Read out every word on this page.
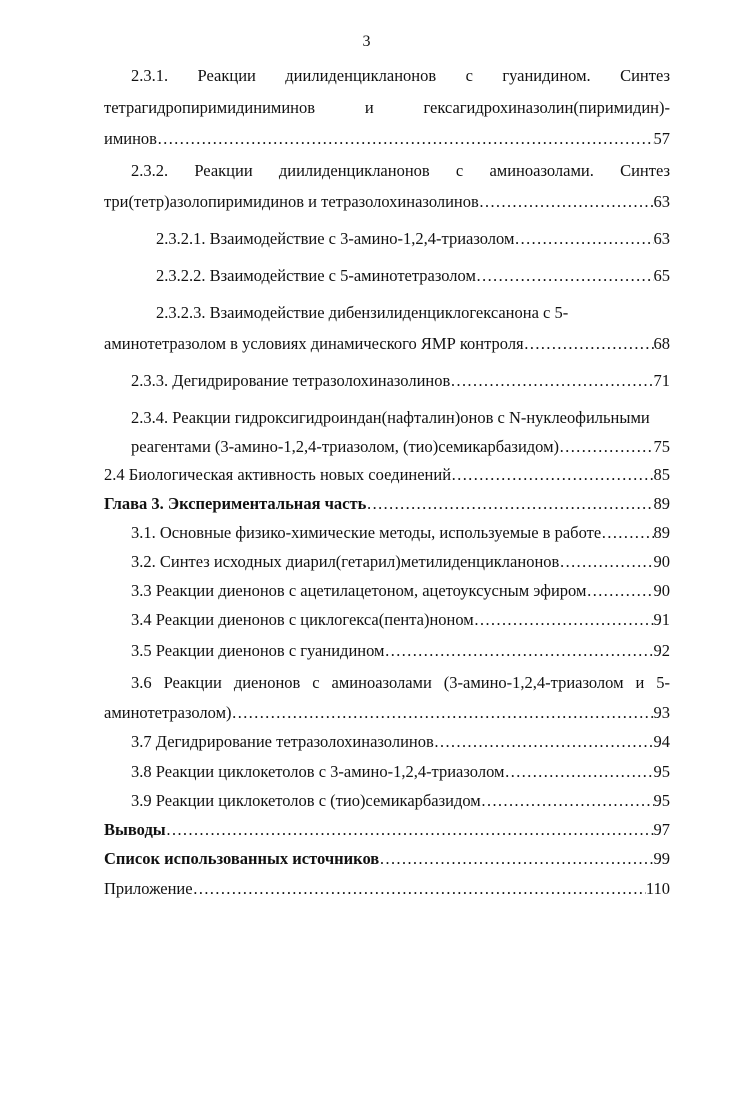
3
2.3.1. Реакции диилиденцикланонов с гуанидином. Синтез
тетрагидропиримидиниминов и гексагидрохиназолин(пиримидин)-
иминов ……………………………………………………………………………………………………………………………………………………………………………………………………………	57
2.3.2. Реакции диилиденцикланонов с аминоазолами. Синтез
три(тетр)азолопиримидинов и тетразолохиназолинов ……………………………………………………………………………………………………………………………………………………………………………………………………………	63
2.3.2.1. Взаимодействие с 3-амино-1,2,4-триазолом ……………………………………………………………………………………………………………………………………………………………………………………………………………	63
2.3.2.2. Взаимодействие с 5-аминотетразолом ……………………………………………………………………………………………………………………………………………………………………………………………………………	65
2.3.2.3. Взаимодействие дибензилиденциклогексанона с 5-
аминотетразолом в условиях динамического ЯМР контроля ……………………………………………………………………………………………………………………………………………………………………………………………………………	68
2.3.3. Дегидрирование тетразолохиназолинов ……………………………………………………………………………………………………………………………………………………………………………………………………………	71
2.3.4. Реакции гидроксигидроиндан(нафталин)онов с N-нуклеофильными
реагентами (3-амино-1,2,4-триазолом, (тио)семикарбазидом) ……………………………………………………………………………………………………………………………………………………………………………………………………………	75
2.4 Биологическая активность новых соединений ……………………………………………………………………………………………………………………………………………………………………………………………………………	85
Глава 3. Экспериментальная часть ……………………………………………………………………………………………………………………………………………………………………………………………………………	89
3.1. Основные физико-химические методы, используемые в работе ……………………………………………………………………………………………………………………………………………………………………………………………………………	89
3.2. Синтез исходных диарил(гетарил)метилиденцикланонов ……………………………………………………………………………………………………………………………………………………………………………………………………………	90
3.3 Реакции диенонов с ацетилацетоном, ацетоуксусным эфиром ……………………………………………………………………………………………………………………………………………………………………………………………………………	90
3.4 Реакции диенонов с циклогекса(пента)ноном ……………………………………………………………………………………………………………………………………………………………………………………………………………	91
3.5 Реакции диенонов с гуанидином ……………………………………………………………………………………………………………………………………………………………………………………………………………	92
3.6 Реакции диенонов с аминоазолами (3-амино-1,2,4-триазолом и 5-
аминотетразолом) ……………………………………………………………………………………………………………………………………………………………………………………………………………	93
3.7 Дегидрирование тетразолохиназолинов ……………………………………………………………………………………………………………………………………………………………………………………………………………	94
3.8 Реакции циклокетолов с 3-амино-1,2,4-триазолом ……………………………………………………………………………………………………………………………………………………………………………………………………………	95
3.9 Реакции циклокетолов с (тио)семикарбазидом ……………………………………………………………………………………………………………………………………………………………………………………………………………	95
Выводы ……………………………………………………………………………………………………………………………………………………………………………………………………………	97
Список использованных источников ……………………………………………………………………………………………………………………………………………………………………………………………………………	99
Приложение ……………………………………………………………………………………………………………………………………………………………………………………………………………	110
